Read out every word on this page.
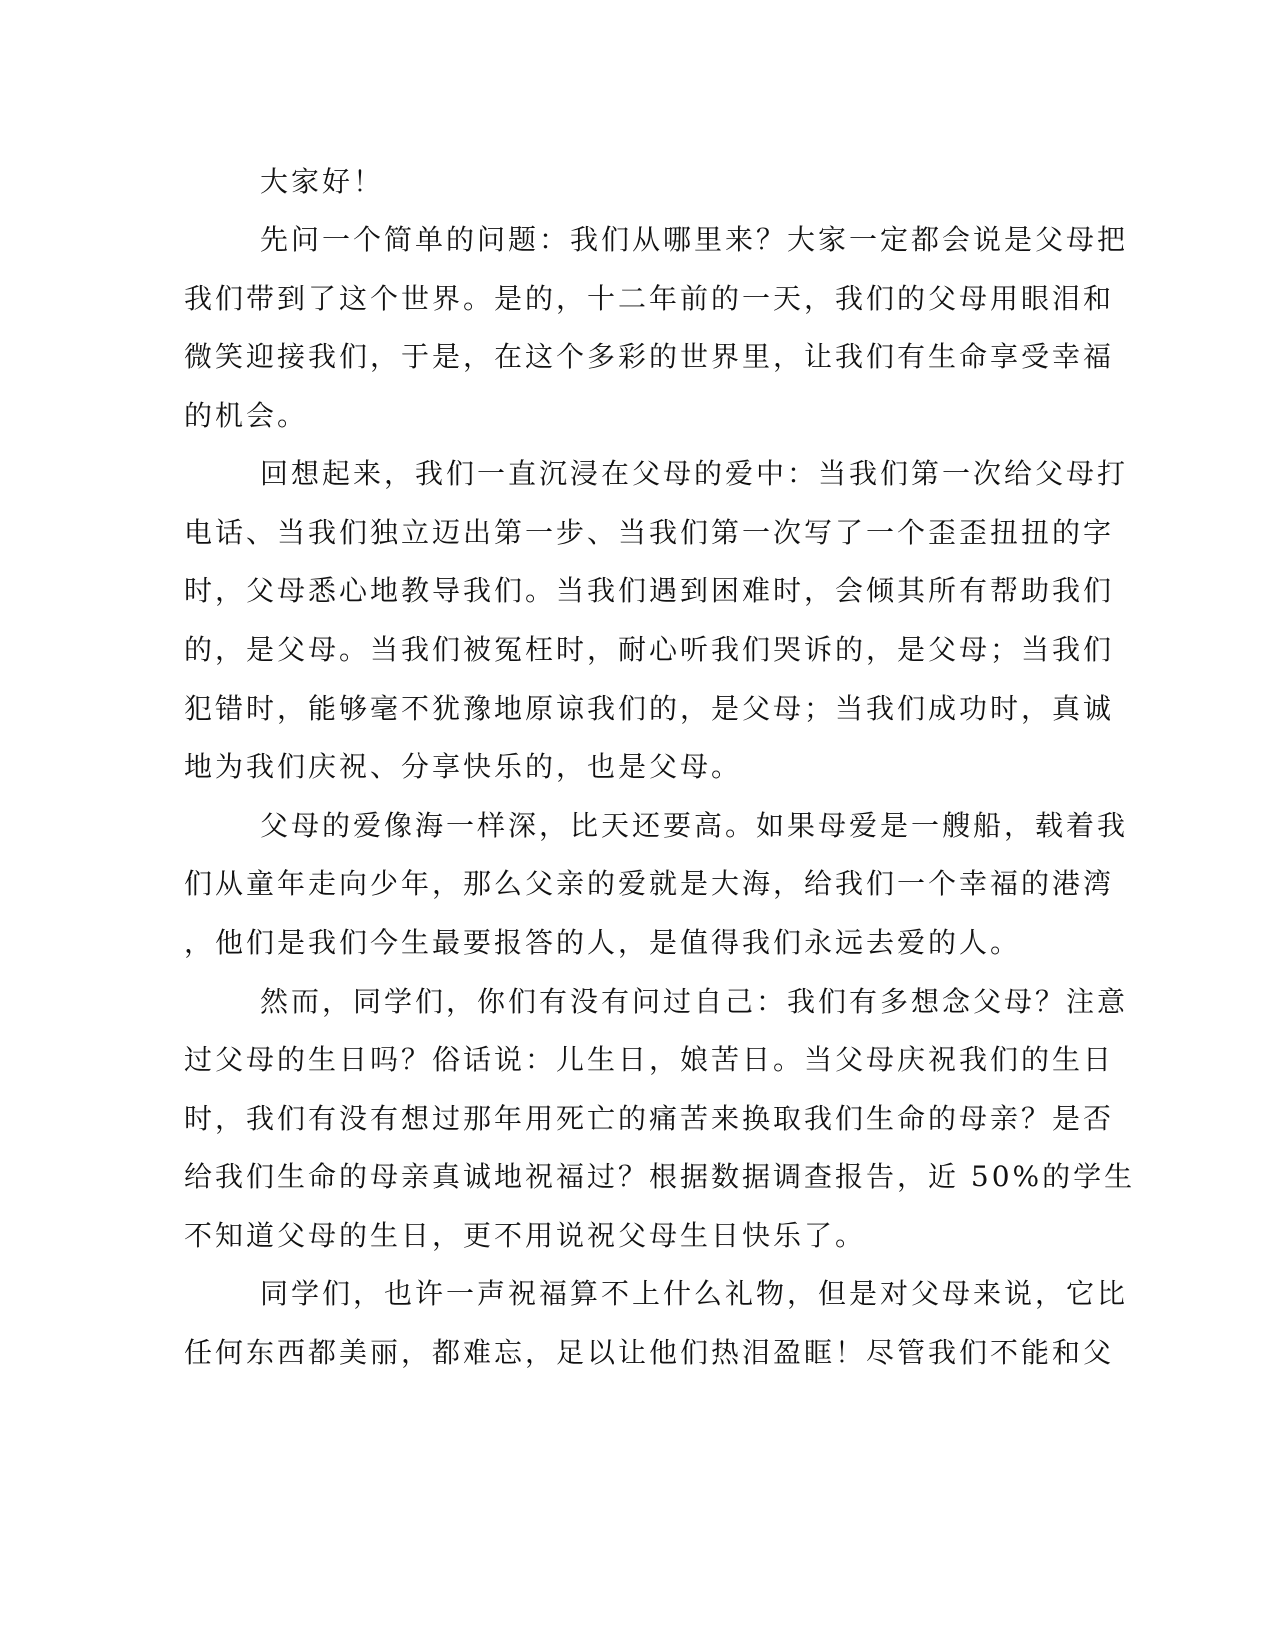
大家好！
先问一个简单的问题：我们从哪里来？大家一定都会说是父母把
我们带到了这个世界。是的，十二年前的一天，我们的父母用眼泪和
微笑迎接我们，于是，在这个多彩的世界里，让我们有生命享受幸福
的机会。
回想起来，我们一直沉浸在父母的爱中：当我们第一次给父母打
电话、当我们独立迈出第一步、当我们第一次写了一个歪歪扭扭的字
时，父母悉心地教导我们。当我们遇到困难时，会倾其所有帮助我们
的，是父母。当我们被冤枉时，耐心听我们哭诉的，是父母；当我们
犯错时，能够毫不犹豫地原谅我们的，是父母；当我们成功时，真诚
地为我们庆祝、分享快乐的，也是父母。
父母的爱像海一样深，比天还要高。如果母爱是一艘船，载着我
们从童年走向少年，那么父亲的爱就是大海，给我们一个幸福的港湾
，他们是我们今生最要报答的人，是值得我们永远去爱的人。
然而，同学们，你们有没有问过自己：我们有多想念父母？注意
过父母的生日吗？俗话说：儿生日，娘苦日。当父母庆祝我们的生日
时，我们有没有想过那年用死亡的痛苦来换取我们生命的母亲？是否
给我们生命的母亲真诚地祝福过？根据数据调查报告，近 50%的学生
不知道父母的生日，更不用说祝父母生日快乐了。
同学们，也许一声祝福算不上什么礼物，但是对父母来说，它比
任何东西都美丽，都难忘，足以让他们热泪盈眶！尽管我们不能和父
